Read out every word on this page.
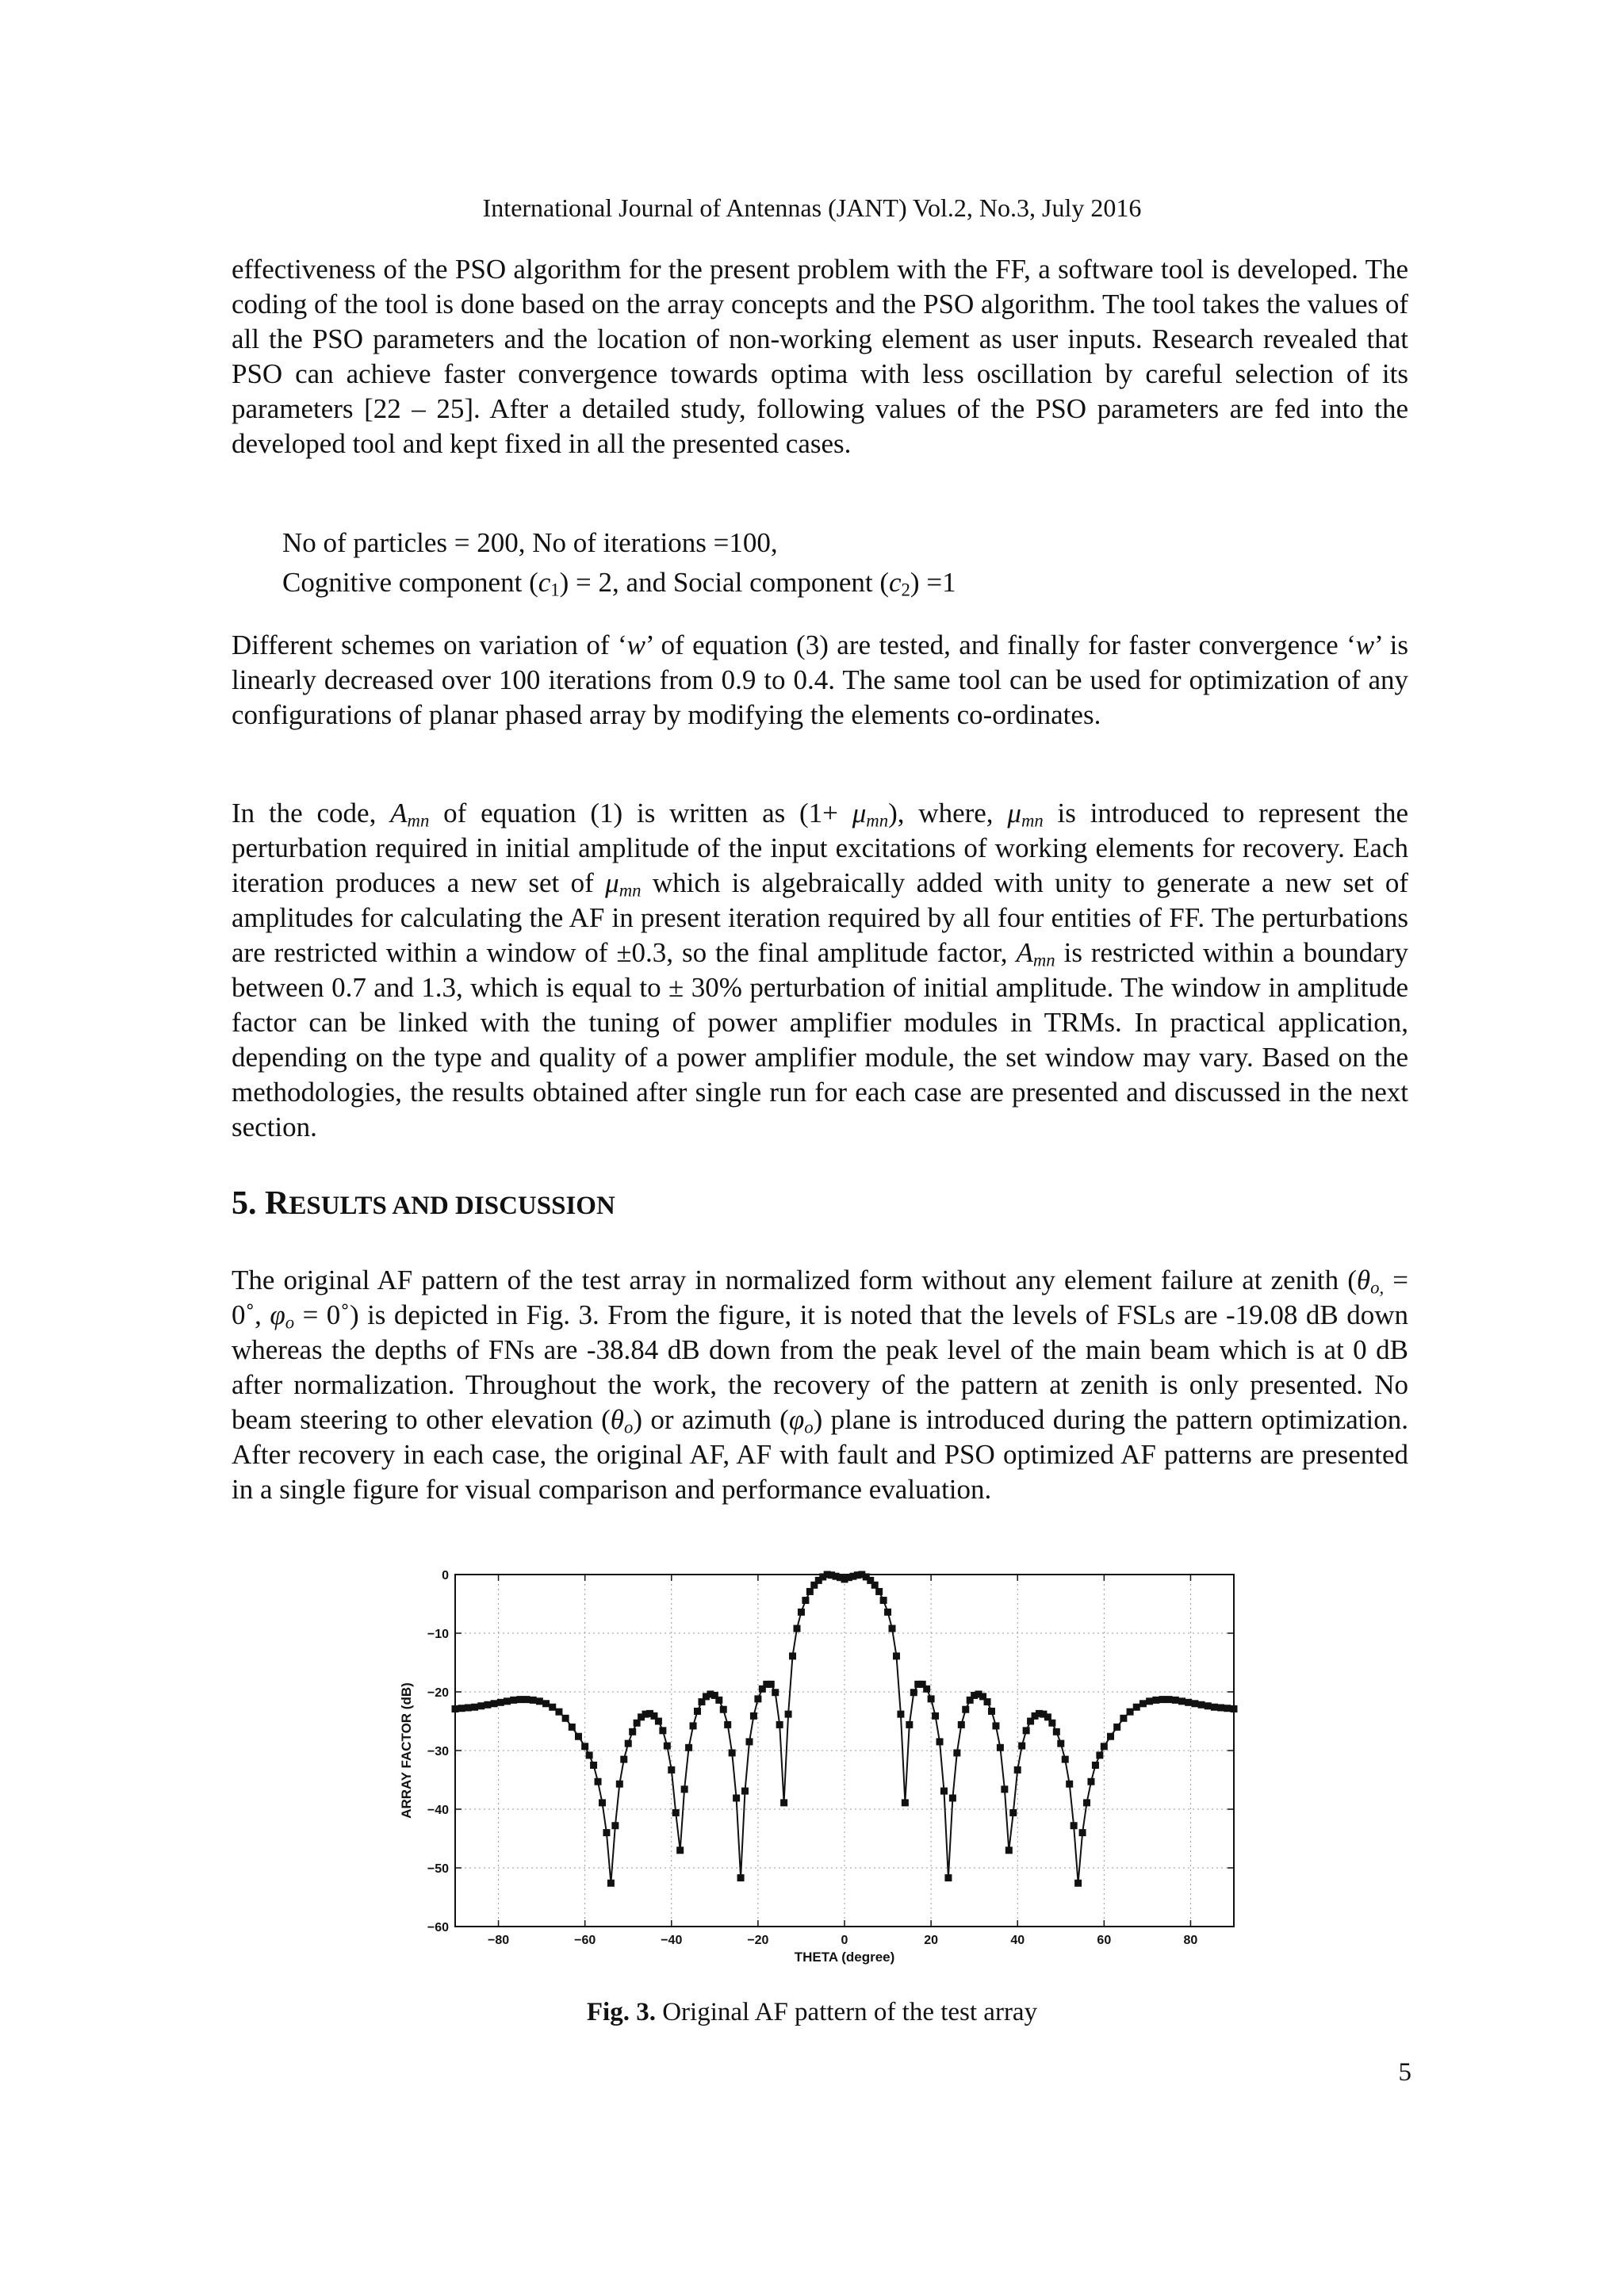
International Journal of Antennas (JANT) Vol.2, No.3, July 2016
effectiveness of the PSO algorithm for the present problem with the FF, a software tool is developed. The coding of the tool is done based on the array concepts and the PSO algorithm. The tool takes the values of all the PSO parameters and the location of non-working element as user inputs. Research revealed that PSO can achieve faster convergence towards optima with less oscillation by careful selection of its parameters [22 – 25]. After a detailed study, following values of the PSO parameters are fed into the developed tool and kept fixed in all the presented cases.
No of particles = 200, No of iterations =100,
Cognitive component $(c_1) = 2$, and Social component $(c_2) =1$
Different schemes on variation of ‘w’ of equation (3) are tested, and finally for faster convergence ‘w’ is linearly decreased over 100 iterations from 0.9 to 0.4. The same tool can be used for optimization of any configurations of planar phased array by modifying the elements co-ordinates.
In the code, $A_{mn}$ of equation (1) is written as $(1+ \mu_{mn})$, where, $\mu_{mn}$ is introduced to represent the perturbation required in initial amplitude of the input excitations of working elements for recovery. Each iteration produces a new set of $\mu_{mn}$ which is algebraically added with unity to generate a new set of amplitudes for calculating the AF in present iteration required by all four entities of FF. The perturbations are restricted within a window of ±0.3, so the final amplitude factor, $A_{mn}$ is restricted within a boundary between 0.7 and 1.3, which is equal to ± 30% perturbation of initial amplitude. The window in amplitude factor can be linked with the tuning of power amplifier modules in TRMs. In practical application, depending on the type and quality of a power amplifier module, the set window may vary. Based on the methodologies, the results obtained after single run for each case are presented and discussed in the next section.
5. RESULTS AND DISCUSSION
The original AF pattern of the test array in normalized form without any element failure at zenith ($\theta_{o,}$ = 0˚, $\varphi_o$ = 0˚) is depicted in Fig. 3. From the figure, it is noted that the levels of FSLs are -19.08 dB down whereas the depths of FNs are -38.84 dB down from the peak level of the main beam which is at 0 dB after normalization. Throughout the work, the recovery of the pattern at zenith is only presented. No beam steering to other elevation $(\theta_o)$ or azimuth $(\varphi_o)$ plane is introduced during the pattern optimization. After recovery in each case, the original AF, AF with fault and PSO optimized AF patterns are presented in a single figure for visual comparison and performance evaluation.
−80	−60	−40	−20	0	20	40	60	80
0
−10
−20
−30
−40
−50
−60
THETA (degree)
ARRAY FACTOR (dB)
Fig. 3. Original AF pattern of the test array
5
